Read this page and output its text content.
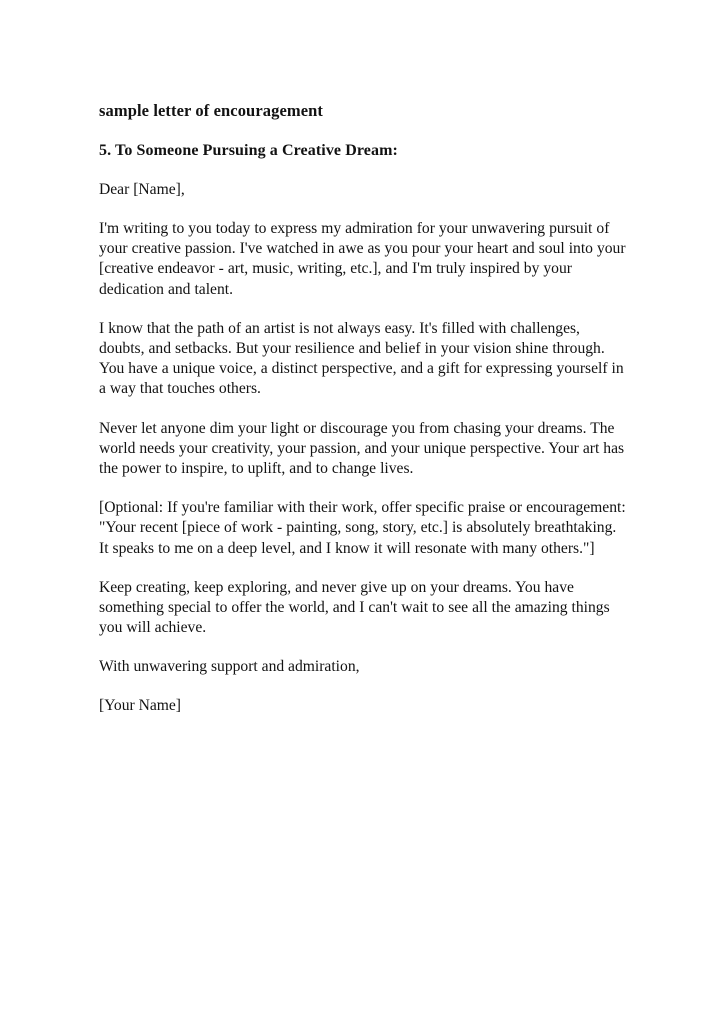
sample letter of encouragement
5. To Someone Pursuing a Creative Dream:

Dear [Name],

I'm writing to you today to express my admiration for your unwavering pursuit of your creative passion. I've watched in awe as you pour your heart and soul into your [creative endeavor - art, music, writing, etc.], and I'm truly inspired by your dedication and talent.

I know that the path of an artist is not always easy. It's filled with challenges, doubts, and setbacks. But your resilience and belief in your vision shine through. You have a unique voice, a distinct perspective, and a gift for expressing yourself in a way that touches others.

Never let anyone dim your light or discourage you from chasing your dreams. The world needs your creativity, your passion, and your unique perspective. Your art has the power to inspire, to uplift, and to change lives.

[Optional: If you're familiar with their work, offer specific praise or encouragement: "Your recent [piece of work - painting, song, story, etc.] is absolutely breathtaking. It speaks to me on a deep level, and I know it will resonate with many others."]

Keep creating, keep exploring, and never give up on your dreams. You have something special to offer the world, and I can't wait to see all the amazing things you will achieve.

With unwavering support and admiration,

[Your Name]
